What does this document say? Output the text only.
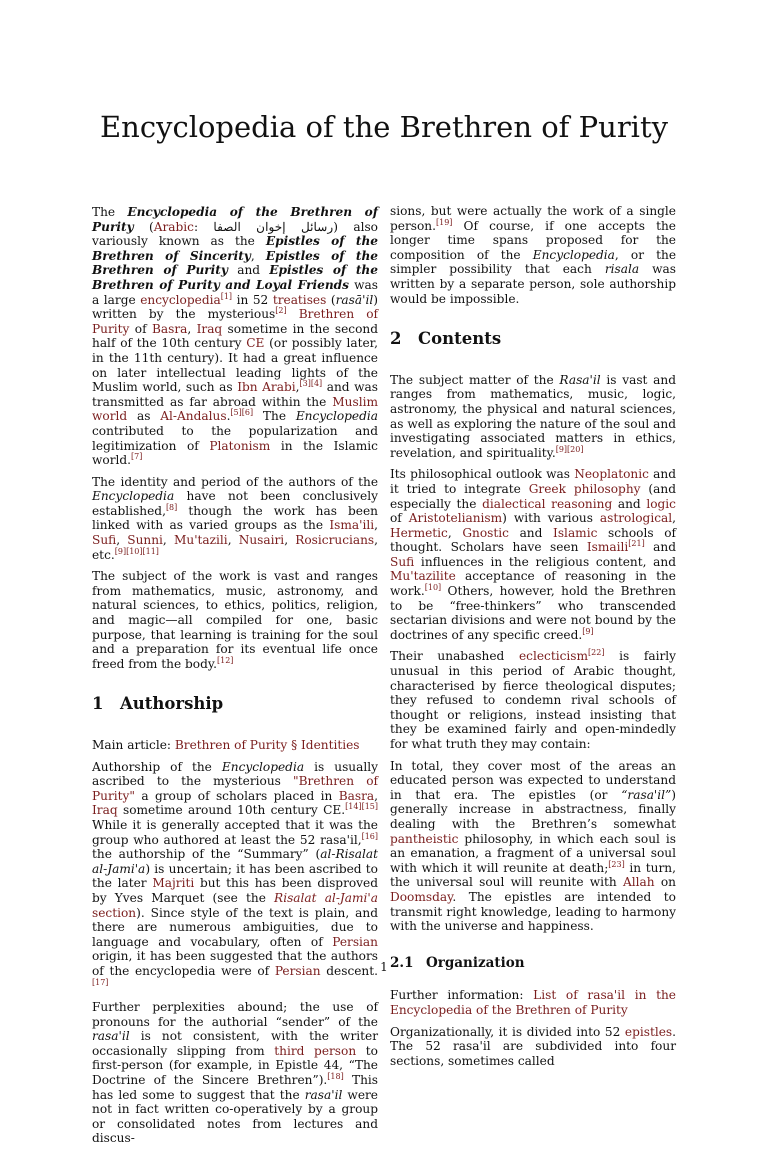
Encyclopedia of the Brethren of Purity

The Encyclopedia of the Brethren of Purity (Arabic: رسائل إخوان الصفا) also variously known as the Epistles of the Brethren of Sincerity, Epistles of the Brethren of Purity and Epistles of the Brethren of Purity and Loyal Friends was a large encyclopedia[1] in 52 treatises (rasā'il) written by the mysterious[2] Brethren of Purity of Basra, Iraq sometime in the second half of the 10th century CE (or possibly later, in the 11th century). It had a great influence on later intellectual leading lights of the Muslim world, such as Ibn Arabi,[3][4] and was transmitted as far abroad within the Muslim world as Al-Andalus.[5][6] The Encyclopedia contributed to the popularization and legitimization of Platonism in the Islamic world.[7]

The identity and period of the authors of the Encyclopedia have not been conclusively established,[8] though the work has been linked with as varied groups as the Isma'ili, Sufi, Sunni, Mu'tazili, Nusairi, Rosicrucians, etc.[9][10][11]

The subject of the work is vast and ranges from mathematics, music, astronomy, and natural sciences, to ethics, politics, religion, and magic—all compiled for one, basic purpose, that learning is training for the soul and a preparation for its eventual life once freed from the body.[12]

1 Authorship

Main article: Brethren of Purity § Identities

Authorship of the Encyclopedia is usually ascribed to the mysterious "Brethren of Purity" a group of scholars placed in Basra, Iraq sometime around 10th century CE.[14][15] While it is generally accepted that it was the group who authored at least the 52 rasa'il,[16] the authorship of the “Summary” (al-Risalat al-Jami'a) is uncertain; it has been ascribed to the later Majriti but this has been disproved by Yves Marquet (see the Risalat al-Jami'a section). Since style of the text is plain, and there are numerous ambiguities, due to language and vocabulary, often of Persian origin, it has been suggested that the authors of the encyclopedia were of Persian descent.[17]

Further perplexities abound; the use of pronouns for the authorial “sender” of the rasa'il is not consistent, with the writer occasionally slipping from third person to first-person (for example, in Epistle 44, “The Doctrine of the Sincere Brethren”).[18] This has led some to suggest that the rasa'il were not in fact written co-operatively by a group or consolidated notes from lectures and discus-

sions, but were actually the work of a single person.[19] Of course, if one accepts the longer time spans proposed for the composition of the Encyclopedia, or the simpler possibility that each risala was written by a separate person, sole authorship would be impossible.

2 Contents

The subject matter of the Rasa'il is vast and ranges from mathematics, music, logic, astronomy, the physical and natural sciences, as well as exploring the nature of the soul and investigating associated matters in ethics, revelation, and spirituality.[9][20]

Its philosophical outlook was Neoplatonic and it tried to integrate Greek philosophy (and especially the dialectical reasoning and logic of Aristotelianism) with various astrological, Hermetic, Gnostic and Islamic schools of thought. Scholars have seen Ismaili[21] and Sufi influences in the religious content, and Mu'tazilite acceptance of reasoning in the work.[10] Others, however, hold the Brethren to be “free-thinkers” who transcended sectarian divisions and were not bound by the doctrines of any specific creed.[9]

Their unabashed eclecticism[22] is fairly unusual in this period of Arabic thought, characterised by fierce theological disputes; they refused to condemn rival schools of thought or religions, instead insisting that they be examined fairly and open-mindedly for what truth they may contain:

In total, they cover most of the areas an educated person was expected to understand in that era. The epistles (or “rasa'il”) generally increase in abstractness, finally dealing with the Brethren’s somewhat pantheistic philosophy, in which each soul is an emanation, a fragment of a universal soul with which it will reunite at death;[23] in turn, the universal soul will reunite with Allah on Doomsday. The epistles are intended to transmit right knowledge, leading to harmony with the universe and happiness.

2.1 Organization

Further information: List of rasa'il in the Encyclopedia of the Brethren of Purity

Organizationally, it is divided into 52 epistles. The 52 rasa'il are subdivided into four sections, sometimes called

1
